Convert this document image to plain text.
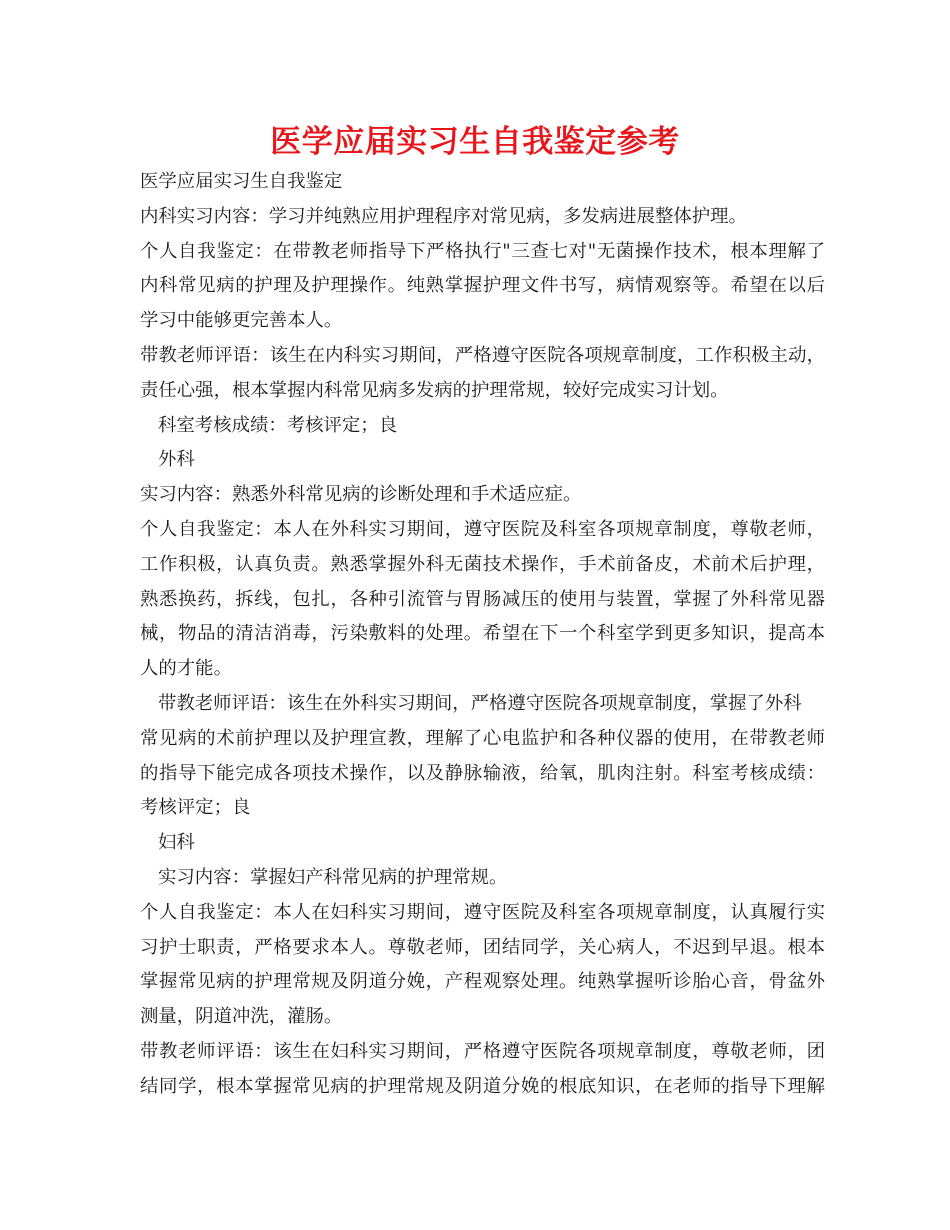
医学应届实习生自我鉴定参考
医学应届实习生自我鉴定
内科实习内容：学习并纯熟应用护理程序对常见病，多发病进展整体护理。
个人自我鉴定：在带教老师指导下严格执行"三查七对"无菌操作技术，根本理解了
内科常见病的护理及护理操作。纯熟掌握护理文件书写，病情观察等。希望在以后
学习中能够更完善本人。
带教老师评语：该生在内科实习期间，严格遵守医院各项规章制度，工作积极主动，
责任心强，根本掌握内科常见病多发病的护理常规，较好完成实习计划。
科室考核成绩：考核评定；良
外科
实习内容：熟悉外科常见病的诊断处理和手术适应症。
个人自我鉴定：本人在外科实习期间，遵守医院及科室各项规章制度，尊敬老师，
工作积极，认真负责。熟悉掌握外科无菌技术操作，手术前备皮，术前术后护理，
熟悉换药，拆线，包扎，各种引流管与胃肠减压的使用与装置，掌握了外科常见器
械，物品的清洁消毒，污染敷料的处理。希望在下一个科室学到更多知识，提高本
人的才能。
带教老师评语：该生在外科实习期间，严格遵守医院各项规章制度，掌握了外科
常见病的术前护理以及护理宣教，理解了心电监护和各种仪器的使用，在带教老师
的指导下能完成各项技术操作，以及静脉输液，给氧，肌肉注射。科室考核成绩：
考核评定；良
妇科
实习内容：掌握妇产科常见病的护理常规。
个人自我鉴定：本人在妇科实习期间，遵守医院及科室各项规章制度，认真履行实
习护士职责，严格要求本人。尊敬老师，团结同学，关心病人，不迟到早退。根本
掌握常见病的护理常规及阴道分娩，产程观察处理。纯熟掌握听诊胎心音，骨盆外
测量，阴道冲洗，灌肠。
带教老师评语：该生在妇科实习期间，严格遵守医院各项规章制度，尊敬老师，团
结同学，根本掌握常见病的护理常规及阴道分娩的根底知识，在老师的指导下理解
